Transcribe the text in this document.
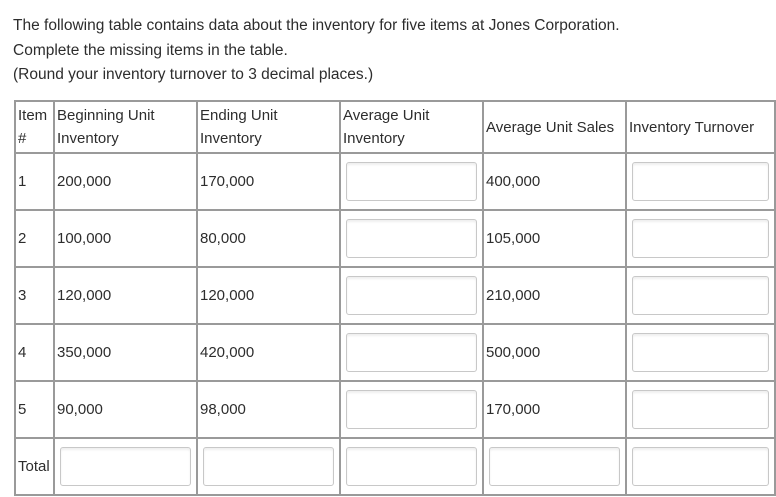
The following table contains data about the inventory for five items at Jones Corporation.

Complete the missing items in the table.

(Round your inventory turnover to 3 decimal places.)

Item #	Beginning Unit Inventory	Ending Unit Inventory	Average Unit Inventory	Average Unit Sales	Inventory Turnover
1	200,000	170,000		400,000	

2	100,000	80,000		105,000	

3	120,000	120,000		210,000	

4	350,000	420,000		500,000	

5	90,000	98,000		170,000	

Total	
